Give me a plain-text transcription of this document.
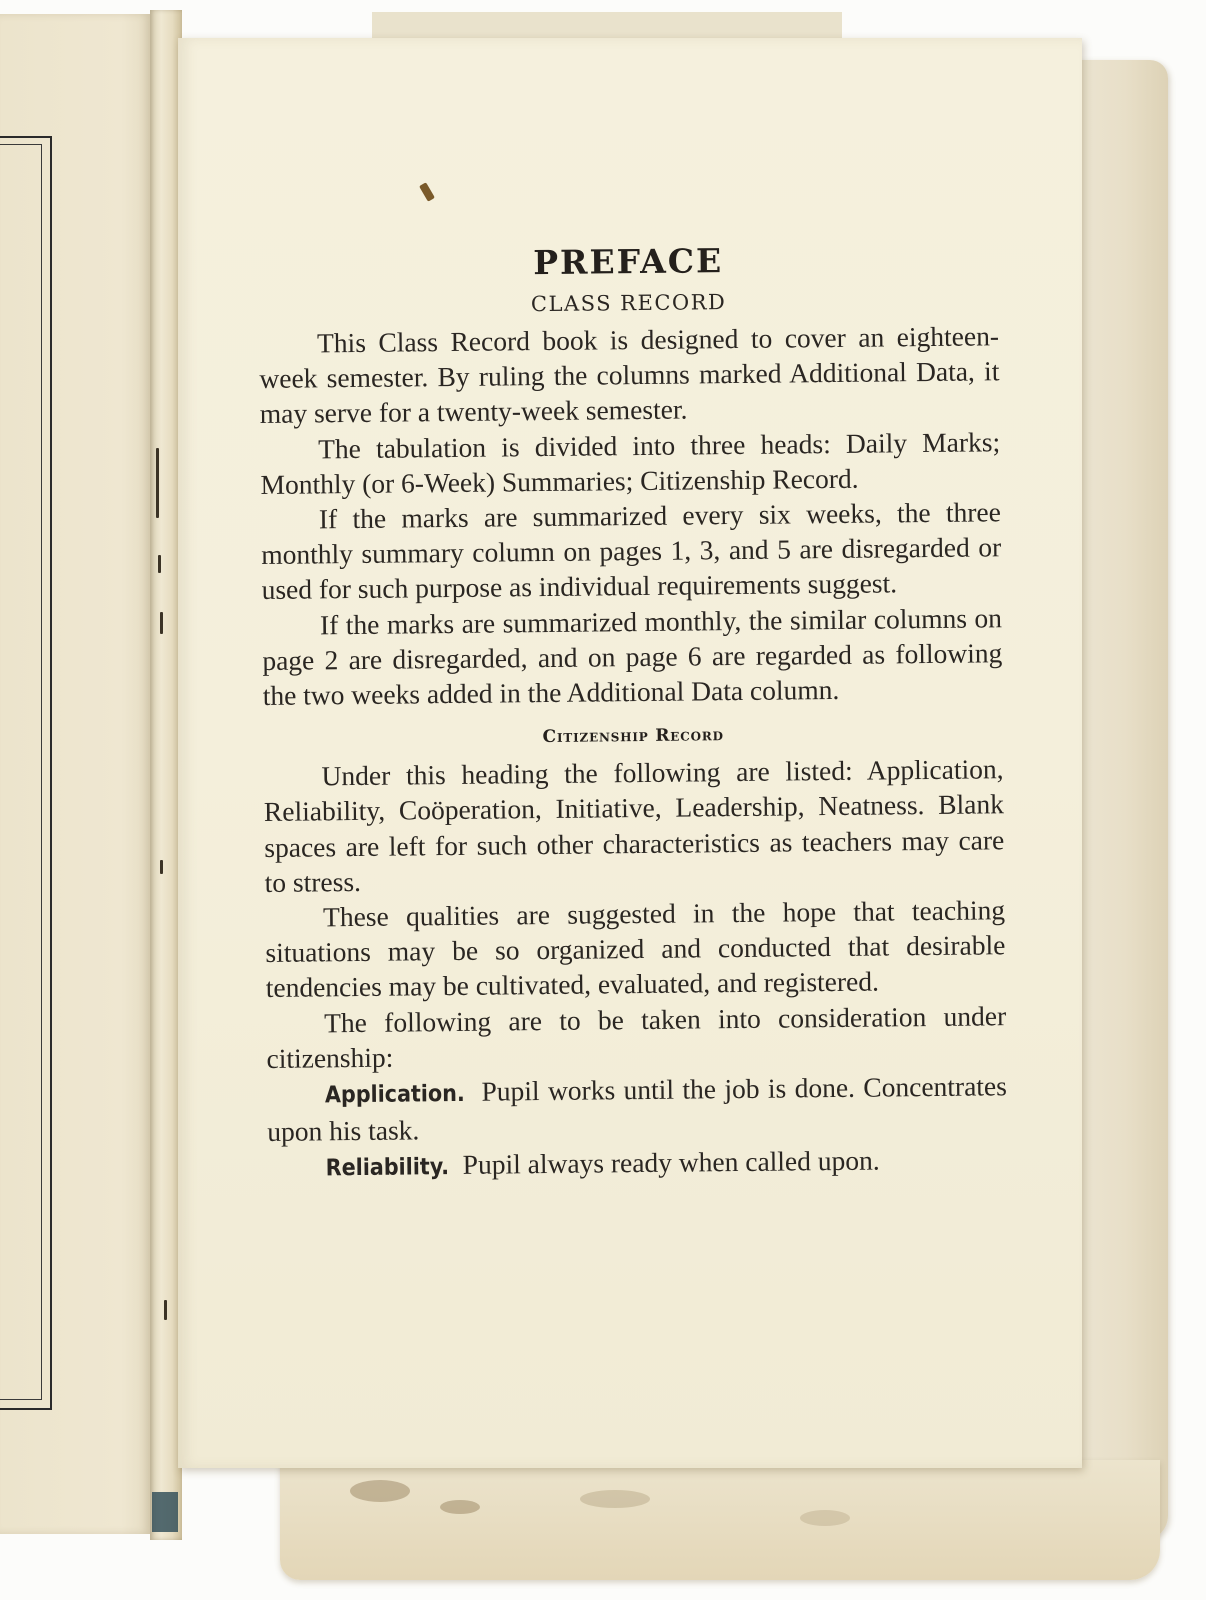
PREFACE
CLASS RECORD

This Class Record book is designed to cover an eighteen-week semester. By ruling the columns marked Additional Data, it may serve for a twenty-week semester.

The tabulation is divided into three heads: Daily Marks; Monthly (or 6-Week) Summaries; Citizenship Record.

If the marks are summarized every six weeks, the three monthly summary column on pages 1, 3, and 5 are disregarded or used for such purpose as individual requirements suggest.

If the marks are summarized monthly, the similar columns on page 2 are disregarded, and on page 6 are regarded as following the two weeks added in the Additional Data column.

Citizenship Record

Under this heading the following are listed: Application, Reliability, Coöperation, Initiative, Leadership, Neatness. Blank spaces are left for such other characteristics as teachers may care to stress.

These qualities are suggested in the hope that teaching situations may be so organized and conducted that desirable tendencies may be cultivated, evaluated, and registered.

The following are to be taken into consideration under citizenship:

Application. Pupil works until the job is done. Concentrates upon his task.

Reliability. Pupil always ready when called upon.
